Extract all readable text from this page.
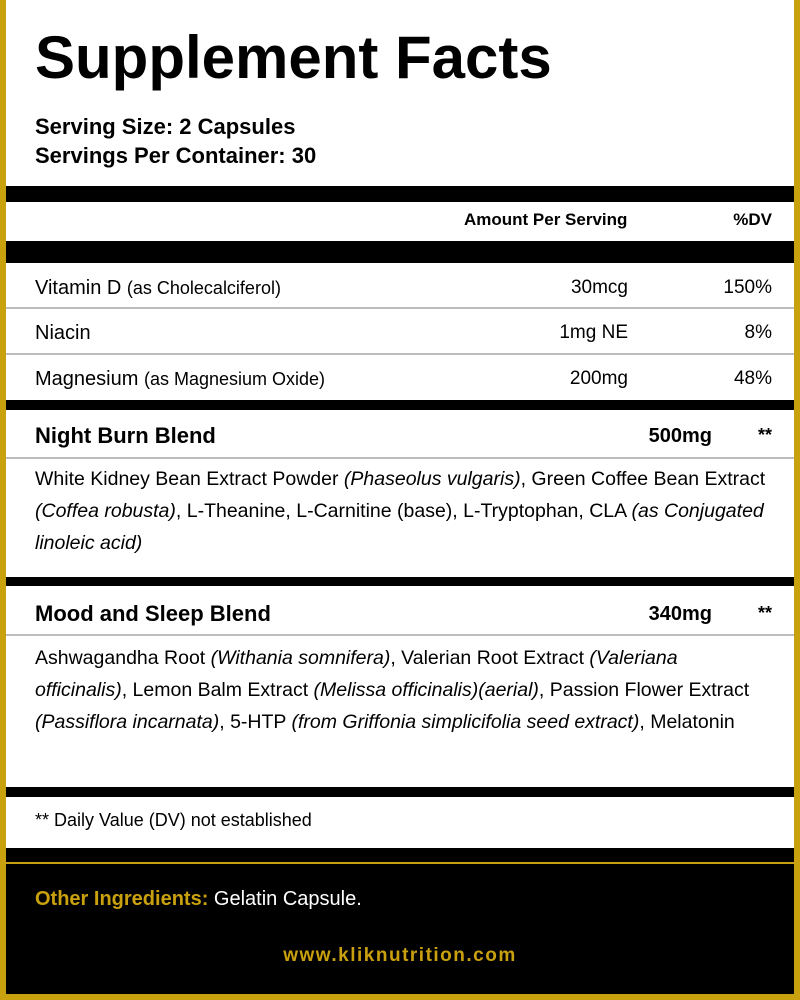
Supplement Facts
Serving Size: 2 Capsules
Servings Per Container: 30
Amount Per Serving	%DV
Vitamin D (as Cholecalciferol)	30mcg	150%
Niacin	1mg NE	8%
Magnesium (as Magnesium Oxide)	200mg	48%
Night Burn Blend	500mg	**
White Kidney Bean Extract Powder (Phaseolus vulgaris), Green Coffee Bean Extract (Coffea robusta), L-Theanine, L-Carnitine (base), L-Tryptophan, CLA (as Conjugated linoleic acid)
Mood and Sleep Blend	340mg	**
Ashwagandha Root (Withania somnifera), Valerian Root Extract (Valeriana officinalis), Lemon Balm Extract (Melissa officinalis)(aerial), Passion Flower Extract (Passiflora incarnata), 5-HTP (from Griffonia simplicifolia seed extract), Melatonin
** Daily Value (DV) not established
Other Ingredients: Gelatin Capsule.
www.kliknutrition.com
